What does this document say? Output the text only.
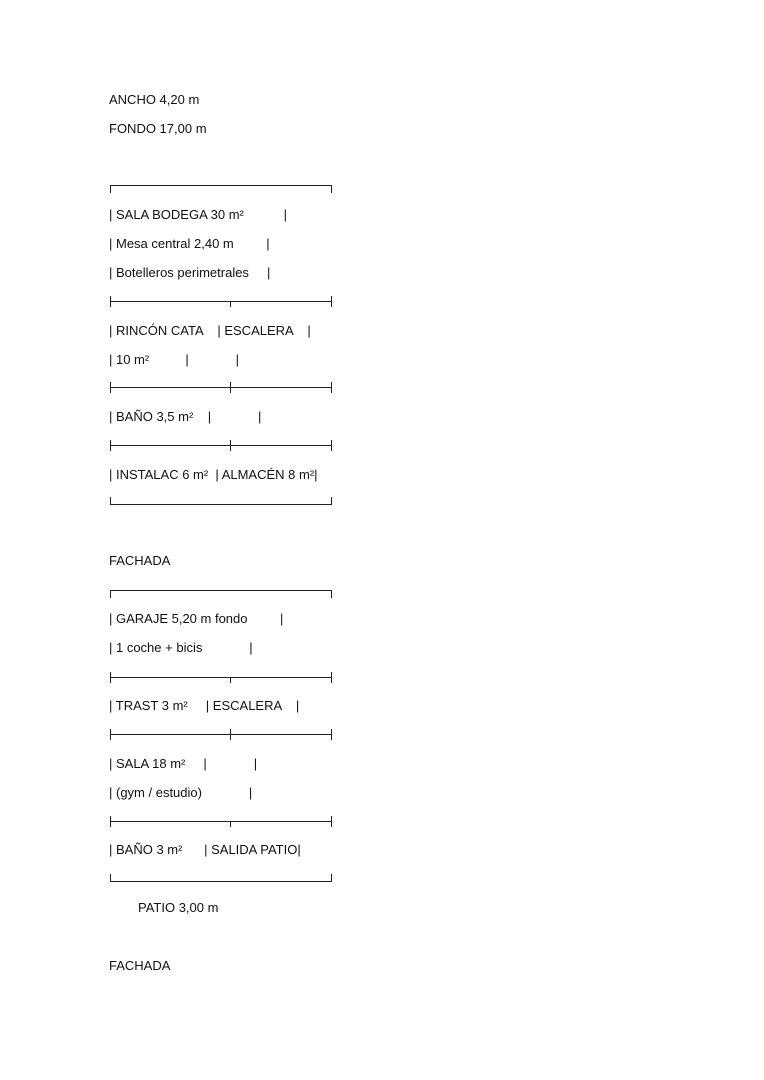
ANCHO 4,20 m
FONDO 17,00 m
| SALA BODEGA 30 m²           |
| Mesa central 2,40 m         |
| Botelleros perimetrales     |
| RINCÓN CATA    | ESCALERA    |
| 10 m²          |             |
| BAÑO 3,5 m²    |             |
| INSTALAC 6 m²  | ALMACÉN 8 m²|
FACHADA
| GARAJE 5,20 m fondo         |
| 1 coche + bicis             |
| TRAST 3 m²     | ESCALERA    |
| SALA 18 m²     |             |
| (gym / estudio)             |
| BAÑO 3 m²      | SALIDA PATIO|
PATIO 3,00 m
FACHADA
